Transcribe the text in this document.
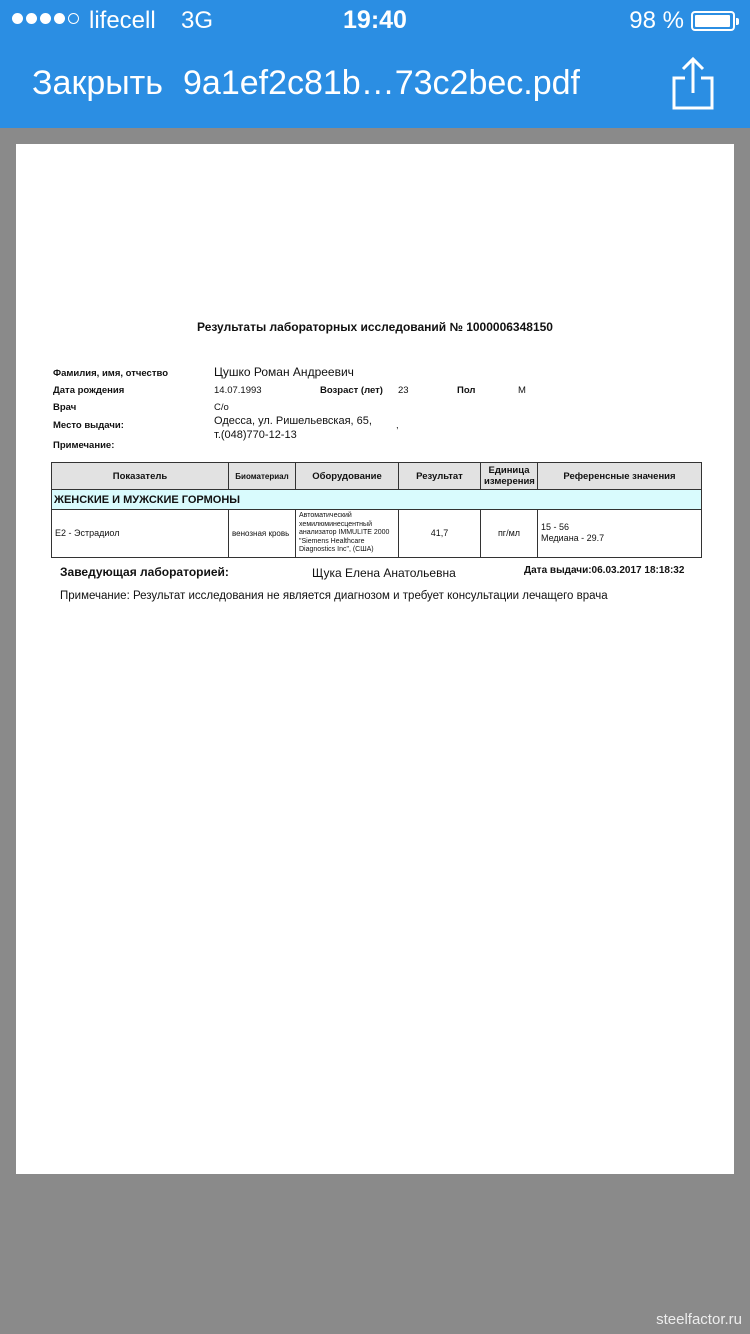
lifecell 3G	19:40	98 %
Закрыть 9a1ef2c81b…73c2bec.pdf
Результаты лабораторных исследований № 1000006348150
Фамилия, имя, отчество	Цушко Роман Андреевич
Дата рождения	14.07.1993	Возраст (лет) 23	Пол	М
Врач	С/о
Место выдачи:	Одесса, ул. Ришельевская, 65,	,
т.(048)770-12-13
Примечание:
Показатель	Биоматериал	Оборудование	Результат	Единица измерения	Референсные значения
ЖЕНСКИЕ И МУЖСКИЕ ГОРМОНЫ					
E2 - Эстрадиол	венозная кровь	Автоматический хемилюминесцентный анализатор IMMULITE 2000 "Siemens Healthcare Diagnostics Inc", (США)	41,7	пг/мл	15 - 56
Медиана - 29.7
Заведующая лабораторией:	Щука Елена Анатольевна	Дата выдачи:06.03.2017 18:18:32
Примечание: Результат исследования не является диагнозом и требует консультации лечащего врача
steelfactor.ru
